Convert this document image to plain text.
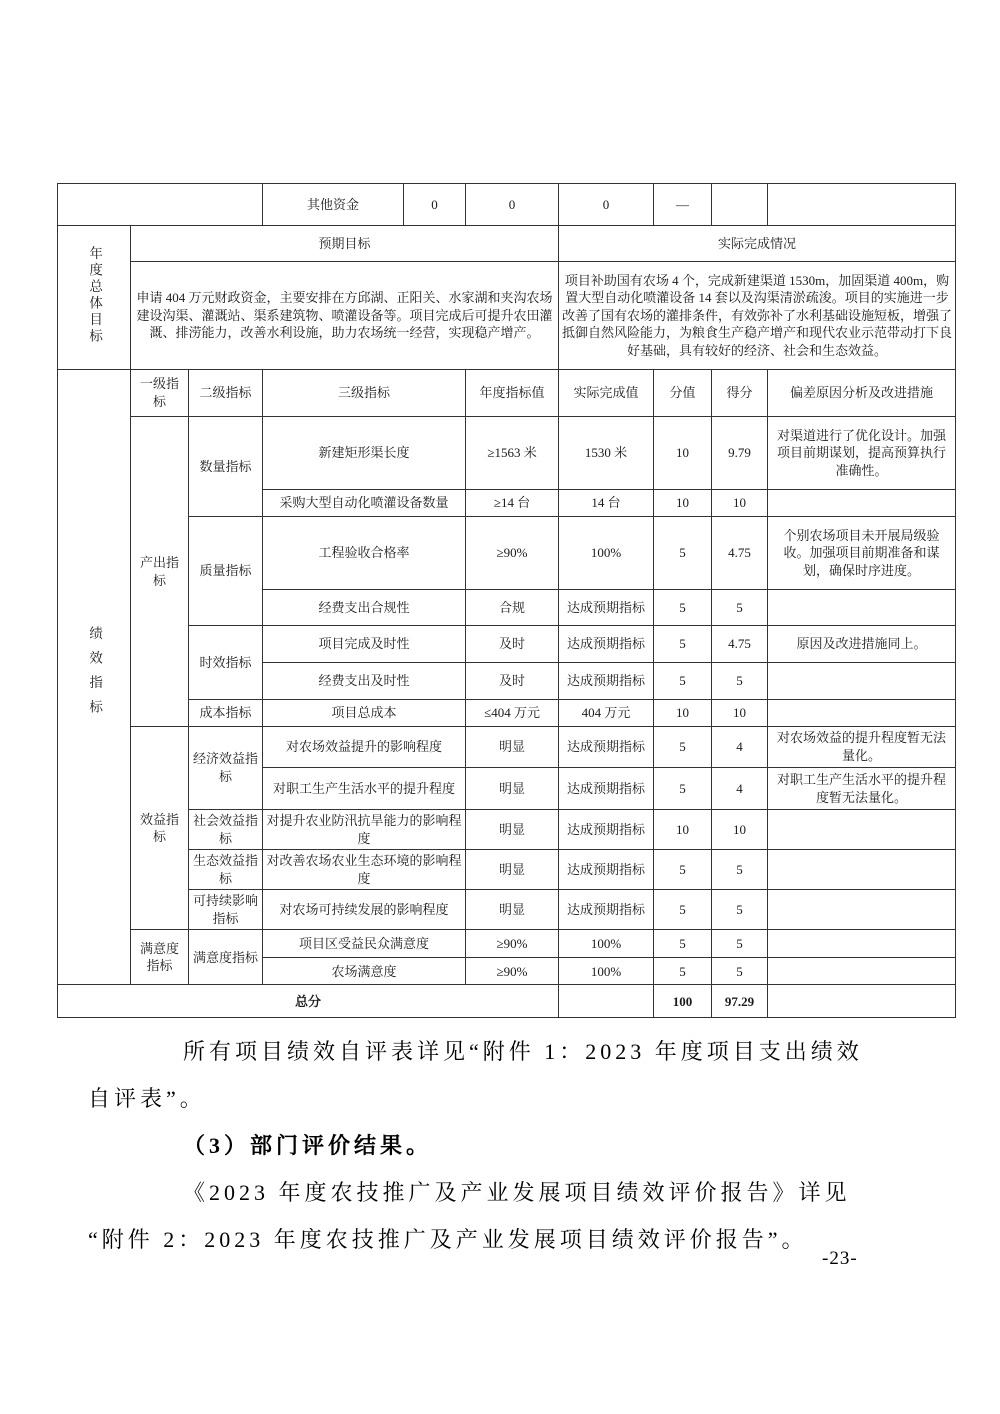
			其他资金	0	0	0	—		
年度总体目标	预期目标					实际完成情况			
	申请 404 万元财政资金，主要安排在方邱湖、正阳关、水家湖和夹沟农场建设沟渠、灌溉站、渠系建筑物、喷灌设备等。项目完成后可提升农田灌溉、排涝能力，改善水利设施，助力农场统一经营，实现稳产增产。					项目补助国有农场 4 个，完成新建渠道 1530m，加固渠道 400m，购置大型自动化喷灌设备 14 套以及沟渠清淤疏浚。项目的实施进一步改善了国有农场的灌排条件，有效弥补了水利基础设施短板，增强了抵御自然风险能力，为粮食生产稳产增产和现代农业示范带动打下良好基础，具有较好的经济、社会和生态效益。			
绩效指标	一级指标	二级指标	三级指标		年度指标值	实际完成值	分值	得分	偏差原因分析及改进措施
	产出指标	数量指标	新建矩形渠长度		≥1563 米	1530 米	10	9.79	对渠道进行了优化设计。加强项目前期谋划，提高预算执行准确性。
			采购大型自动化喷灌设备数量		≥14 台	14 台	10	10	
		质量指标	工程验收合格率		≥90%	100%	5	4.75	个别农场项目未开展局级验收。加强项目前期准备和谋划，确保时序进度。
			经费支出合规性		合规	达成预期指标	5	5	
		时效指标	项目完成及时性		及时	达成预期指标	5	4.75	原因及改进措施同上。
			经费支出及时性		及时	达成预期指标	5	5	
		成本指标	项目总成本		≤404 万元	404 万元	10	10	
	效益指标	经济效益指标	对农场效益提升的影响程度		明显	达成预期指标	5	4	对农场效益的提升程度暂无法量化。
			对职工生产生活水平的提升程度		明显	达成预期指标	5	4	对职工生产生活水平的提升程度暂无法量化。
		社会效益指标	对提升农业防汛抗旱能力的影响程度		明显	达成预期指标	10	10	
		生态效益指标	对改善农场农业生态环境的影响程度		明显	达成预期指标	5	5	
		可持续影响指标	对农场可持续发展的影响程度		明显	达成预期指标	5	5	
	满意度指标	满意度指标	项目区受益民众满意度		≥90%	100%	5	5	
			农场满意度		≥90%	100%	5	5	
总分							100	97.29	
所有项目绩效自评表详见“附件 1：2023 年度项目支出绩效
自评表”。
（3）部门评价结果。
《2023 年度农技推广及产业发展项目绩效评价报告》详见
“附件 2：2023 年度农技推广及产业发展项目绩效评价报告”。
-23-
